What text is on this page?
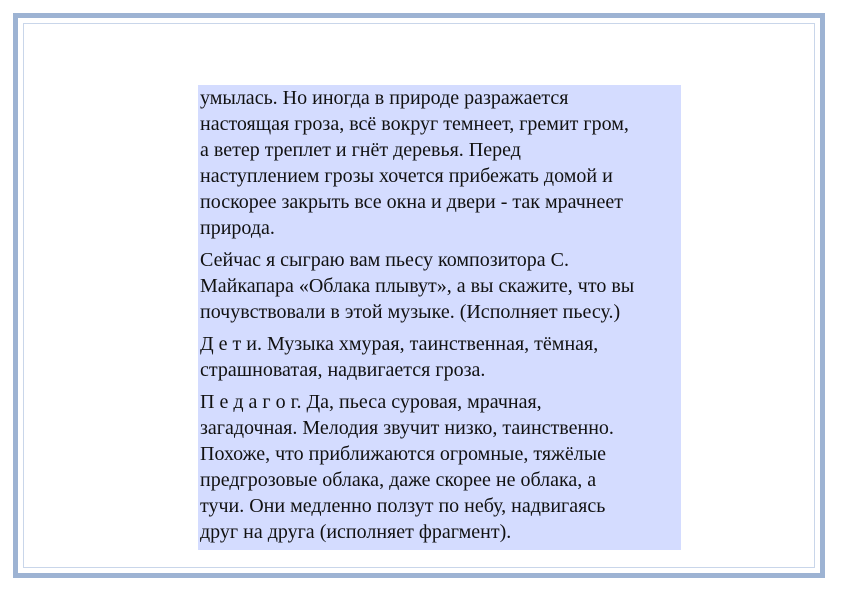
умылась. Но иногда в природе разражается
настоящая гроза, всё вокруг темнеет, гремит гром,
а ветер треплет и гнёт деревья. Перед
наступлением грозы хочется прибежать домой и
поскорее закрыть все окна и двери - так мрачнеет
природа.

Сейчас я сыграю вам пьесу композитора С.
Майкапара «Облака плывут», а вы скажите, что вы
почувствовали в этой музыке. (Исполняет пьесу.)

Д е т и. Музыка хмурая, таинственная, тёмная,
страшноватая, надвигается гроза.

П е д а г о г. Да, пьеса суровая, мрачная,
загадочная. Мелодия звучит низко, таинственно.
Похоже, что приближаются огромные, тяжёлые
предгрозовые облака, даже скорее не облака, а
тучи. Они медленно ползут по небу, надвигаясь
друг на друга (исполняет фрагмент).
